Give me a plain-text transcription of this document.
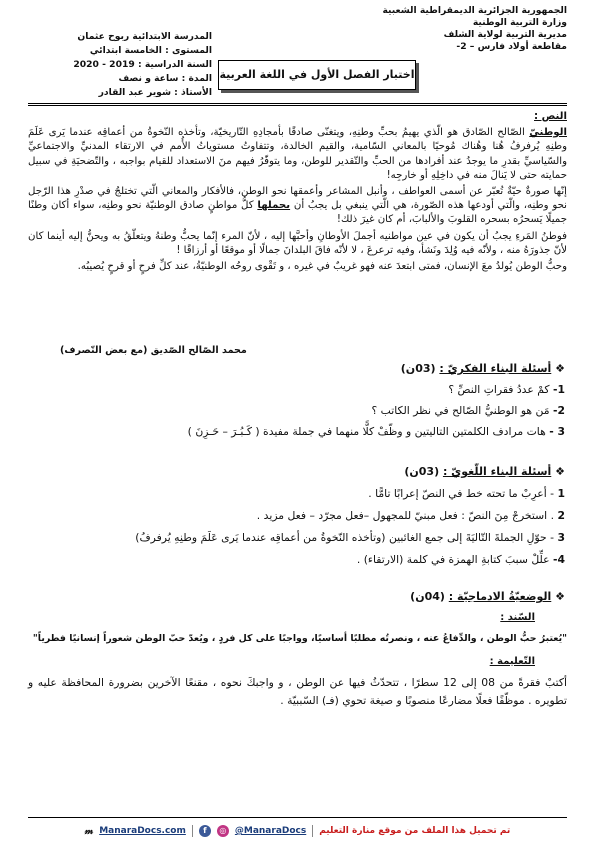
الجمهورية الجزائرية الديمقراطية الشعبية
وزارة التربية الوطنية
مديرية التربية لولاية الشلف
مقاطعة أولاد فارس – 2-
المدرسة الابتدائية ربوح عثمان
المستوى : الخامسة ابتدائي
السنة الدراسية : 2019 - 2020
المدة : ساعة و نصف
الأستاذ : شوير عبد القادر
اختبار الفصل الأول في اللغة العربية

النص :

الوطنيّ الصّالح الصّادق هو الّذي يهيمُ بحبِّ وطنِهِ، ويتغنّى صادقًا بأمجادِهِ التّاريخيّة، وتأخذه النّخوةُ من أعماقِه عندما يَرى عَلَمَ وطنِهِ يُرفرفُ هُنا وهُناك مُوحيًا بالمعاني السّامية، والقيم الخالدة، وتتفاوتُ مستوياتُ الأُمم في الارتقاء المدنيِّ والاجتماعيِّ والسّياسيِّ بقدرِ ما يوجدُ عند أفرادها من الحبِّ والتّقدير للوطن، وما يتوفّرُ فيهم منَ الاستعداد للقيام بواجبه ، والتّضحيَةِ في سبيل حمايته حتى لا يَنالَ منه في داخِلِهِ أو خارجِه!

إنّها صورةٌ حيّةٌ تُعبّر عن أسمى العواطف ، وأنبل المشاعر وأعمقها نحو الوطن، فالأفكار والمعاني الّتي تختلجُ في صدْرِ هذا الرّجل نحو وطنِه، والّتي أودعها هذه الصّورة، هي الّتي ينبغي بل يجبُ أن يحملها كلُّ مواطنٍ صادق الوطنيّة نحو وطنِه، سواء أكان وطنًا جميلًا يَسحرُه بسحره القلوبَ والألبابَ، أم كان غيرَ ذلك!

فوطنُ المَرءِ يجبُ أن يكون في عين مواطنيه أجملَ الأوطانِ وأحبَّها إليه ، لأنّ المرء إنّما يحبُّ وطنهُ ويتعلّقُ به ويحنُّ إليه أينما كان لأنّ جذورَهُ منه ، ولأنّه فيه وُلِدَ ونَشأ، وفيه ترعرعَ ، لا لأنّه فاقَ البلدانَ جمالًا أو موقعًا أو أرزاقًا !

وحبُّ الوطن يُولدُ معَ الإنسان، فمتى ابتعدَ عنه فهو غريبٌ في غيره ، و تَقْوى روحُه الوطنيّةُ، عند كلِّ فرحٍ أو قرحٍ يُصيبُه.

محمد الصّالح الصّديق (مع بعض التّصرف)
❖ أسئلة البناء الفكريّ : (03ن)
1- كمْ عددُ فقراتِ النصِّ ؟
2- مَن هو الوطنيُّ الصّالح في نظر الكاتب ؟
3 - هات مرادف الكلمتين التاليتين و وظّفْ كلًّا منهما في جملة مفيدة ( كَـبُـرَ – حَـزِنَ )
❖ أسئلة البناء اللّغويّ : (03ن)
1 - أعرِبْ ما تحته خط في النصّ إعرابًا تامًّا .
2 . استخرجْ مِنَ النصّ : فعل مبنيّ للمجهول –فعل مجرّد – فعل مزيد .
3 - حوّلِ الجملةَ التّاليَةَ إلى جمع الغائبين (وتأخذه النّخوةُ من أعماقِه عندما يَرى عَلَمَ وطنِهِ يُرفرفُ)
4- علِّلْ سببَ كتابةِ الهمزة في كلمة (الارتقاء) .
❖ الوضعيّةُ الادماجيّة : (04ن)
السّند :
"يُعتبرُ حبُّ الوطن ، والدِّفاعُ عنه ، ونصرتُه مطلبًا أساسيًا، وواجبًا على كل فردٍ ، ويُعدّ حبّ الوطن شعوراً إنسانيًا فطرياً"
التّعليمة :
أكتبْ فقرةً من 08 إلى 12 سطرًا ، تتحدّثُ فيها عن الوطن ، و واجبكَ نحوه ، مقنعًا الآخرين بضرورة المحافظة عليه و تطويره . موظّفًا فعلًا مضارعًا منصوبًا و صيغة تحوي (فـ) السّببيّة .
𝓂 ManaraDocs.com	f	◎ @ManaraDocs تم تحميل هذا الملف من موقع منارة التعليم
